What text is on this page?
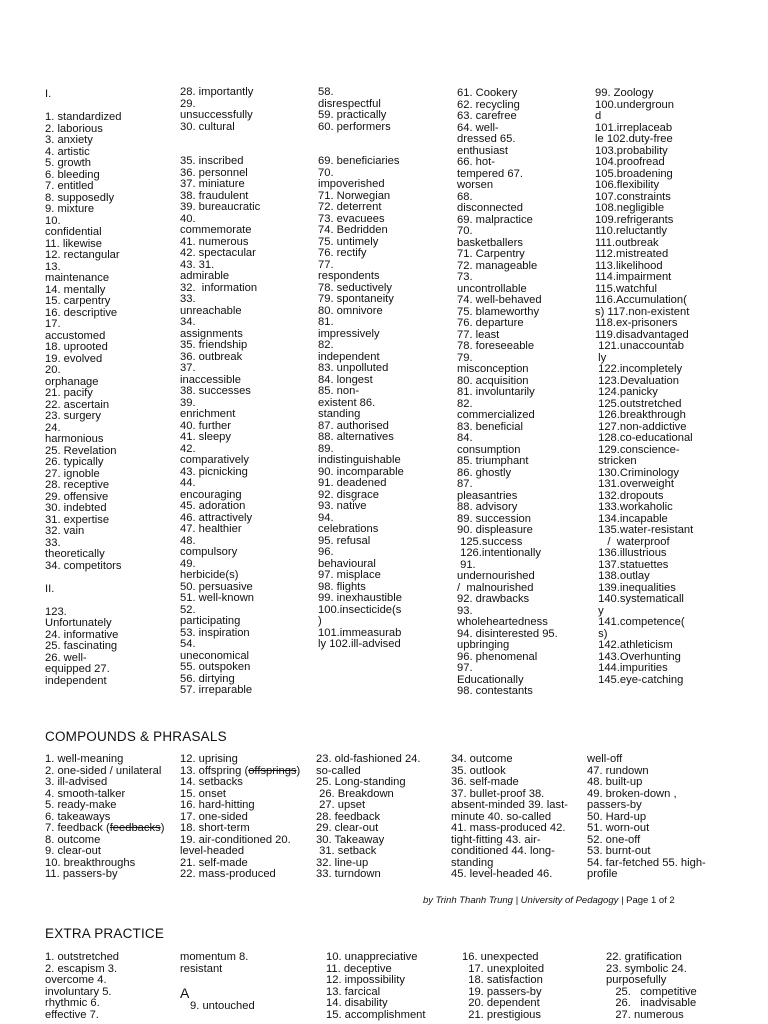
I.

1. standardized
2. laborious
3. anxiety
4. artistic
5. growth
6. bleeding
7. entitled
8. supposedly
9. mixture
10.
confidential
11. likewise
12. rectangular
13.
maintenance
14. mentally
15. carpentry
16. descriptive
17.
accustomed
18. uprooted
19. evolved
20.
orphanage
21. pacify
22. ascertain
23. surgery
24.
harmonious
25. Revelation
26. typically
27. ignoble
28. receptive
29. offensive
30. indebted
31. expertise
32. vain
33.
theoretically
34. competitors

II.

123.
Unfortunately
24. informative
25. fascinating
26. well-
equipped 27.
independent
28. importantly
29.
unsuccessfully
30. cultural

35. inscribed
36. personnel
37. miniature
38. fraudulent
39. bureaucratic
40.
commemorate
41. numerous
42. spectacular
43. 31.
admirable
32.  information
33.
unreachable
34.
assignments
35. friendship
36. outbreak
37.
inaccessible
38. successes
39.
enrichment
40. further
41. sleepy
42.
comparatively
43. picnicking
44.
encouraging
45. adoration
46. attractively
47. healthier
48.
compulsory
49.
herbicide(s)
50. persuasive
51. well-known
52.
participating
53. inspiration
54.
uneconomical
55. outspoken
56. dirtying
57. irreparable
58.
disrespectful
59. practically
60. performers

69. beneficiaries
70.
impoverished
71. Norwegian
72. deterrent
73. evacuees
74. Bedridden
75. untimely
76. rectify
77.
respondents
78. seductively
79. spontaneity
80. omnivore
81.
impressively
82.
independent
83. unpolluted
84. longest
85. non-
existent 86.
standing
87. authorised
88. alternatives
89.
indistinguishable
90. incomparable
91. deadened
92. disgrace
93. native
94.
celebrations
95. refusal
96.
behavioural
97. misplace
98. flights
99. inexhaustible
100.insecticide(s
)
101.immeasurab
ly 102.ill-advised
61. Cookery
62. recycling
63. carefree
64. well-
dressed 65.
enthusiast
66. hot-
tempered 67.
worsen
68.
disconnected
69. malpractice
70.
basketballers
71. Carpentry
72. manageable
73.
uncontrollable
74. well-behaved
75. blameworthy
76. departure
77. least
78. foreseeable
79.
misconception
80. acquisition
81. involuntarily
82.
commercialized
83. beneficial
84.
consumption
85. triumphant
86. ghostly
87.
pleasantries
88. advisory
89. succession
90. displeasure
125.success
126.intentionally
91.
undernourished
/  malnourished
92. drawbacks
93.
wholeheartedness
94. disinterested 95.
upbringing
96. phenomenal
97.
Educationally
98. contestants
99. Zoology
100.undergroun
d
101.irreplaceab
le 102.duty-free
103.probability
104.proofread
105.broadening
106.flexibility
107.constraints
108.negligible
109.refrigerants
110.reluctantly
111.outbreak
112.mistreated
113.likelihood
114.impairment
115.watchful
116.Accumulation(
s) 117.non-existent
118.ex-prisoners
119.disadvantaged
121.unaccountab
ly
122.incompletely
123.Devaluation
124.panicky
125.outstretched
126.breakthrough
127.non-addictive
128.co-educational
129.conscience-
stricken
130.Criminology
131.overweight
132.dropouts
133.workaholic
134.incapable
135.water-resistant
/  waterproof
136.illustrious
137.statuettes
138.outlay
139.inequalities
140.systematicall
y
141.competence(
s)
142.athleticism
143.Overhunting
144.impurities
145.eye-catching
COMPOUNDS & PHRASALS
1. well-meaning
2. one-sided / unilateral
3. ill-advised
4. smooth-talker
5. ready-make
6. takeaways
7. feedback (feedbacks)
8. outcome
9. clear-out
10. breakthroughs
11. passers-by
12. uprising
13. offspring (offsprings)
14. setbacks
15. onset
16. hard-hitting
17. one-sided
18. short-term
19. air-conditioned 20.
level-headed
21. self-made
22. mass-produced
23. old-fashioned 24.
so-called
25. Long-standing
26. Breakdown
27. upset
28. feedback
29. clear-out
30. Takeaway
31. setback
32. line-up
33. turndown
34. outcome
35. outlook
36. self-made
37. bullet-proof 38.
absent-minded 39. last-
minute 40. so-called
41. mass-produced 42.
tight-fitting 43. air-
conditioned 44. long-
standing
45. level-headed 46.
well-off
47. rundown
48. built-up
49. broken-down ,
passers-by
50. Hard-up
51. worn-out
52. one-off
53. burnt-out
54. far-fetched 55. high-
profile
by Trinh Thanh Trung | University of Pedagogy | Page 1 of 2
EXTRA PRACTICE
1. outstretched
2. escapism 3.
overcome 4.
involuntary 5.
rhythmic 6.
effective 7.
momentum 8.
resistant
A
9. untouched
10. unappreciative
11. deceptive
12. impossibility
13. farcical
14. disability
15. accomplishment
16. unexpected
17. unexploited
18. satisfaction
19. passers-by
20. dependent
21. prestigious
22. gratification
23. symbolic 24.
purposefully
25.   competitive
26.   inadvisable
27. numerous
